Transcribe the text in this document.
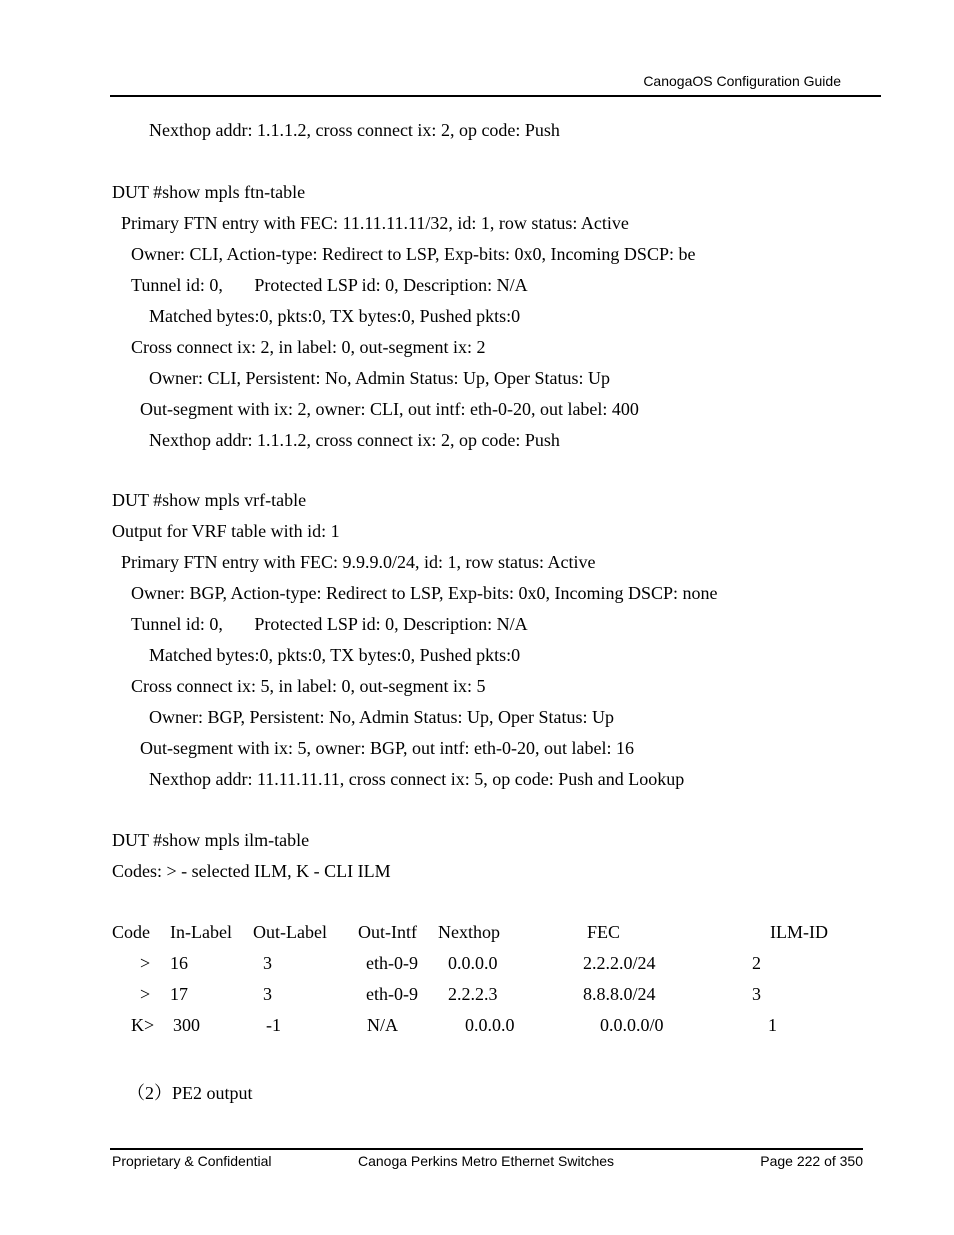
CanogaOS Configuration Guide
Nexthop addr: 1.1.1.2, cross connect ix: 2, op code: Push
DUT #show mpls ftn-table
Primary FTN entry with FEC: 11.11.11.11/32, id: 1, row status: Active
Owner: CLI, Action-type: Redirect to LSP, Exp-bits: 0x0, Incoming DSCP: be
Tunnel id: 0,       Protected LSP id: 0, Description: N/A
Matched bytes:0, pkts:0, TX bytes:0, Pushed pkts:0
Cross connect ix: 2, in label: 0, out-segment ix: 2
Owner: CLI, Persistent: No, Admin Status: Up, Oper Status: Up
Out-segment with ix: 2, owner: CLI, out intf: eth-0-20, out label: 400
Nexthop addr: 1.1.1.2, cross connect ix: 2, op code: Push
DUT #show mpls vrf-table
Output for VRF table with id: 1
Primary FTN entry with FEC: 9.9.9.0/24, id: 1, row status: Active
Owner: BGP, Action-type: Redirect to LSP, Exp-bits: 0x0, Incoming DSCP: none
Tunnel id: 0,       Protected LSP id: 0, Description: N/A
Matched bytes:0, pkts:0, TX bytes:0, Pushed pkts:0
Cross connect ix: 5, in label: 0, out-segment ix: 5
Owner: BGP, Persistent: No, Admin Status: Up, Oper Status: Up
Out-segment with ix: 5, owner: BGP, out intf: eth-0-20, out label: 16
Nexthop addr: 11.11.11.11, cross connect ix: 5, op code: Push and Lookup
DUT #show mpls ilm-table
Codes: > - selected ILM, K - CLI ILM
Code In-Label Out-Label Out-Intf Nexthop	FEC	ILM-ID
> 16	3	eth-0-9 0.0.0.0	2.2.2.0/24	2
> 17	3	eth-0-9 2.2.2.3	8.8.8.0/24	3
K> 300	-1	N/A	0.0.0.0	0.0.0.0/0	1
（2）PE2 output
Proprietary & Confidential	Canoga Perkins Metro Ethernet Switches	Page 222 of 350
